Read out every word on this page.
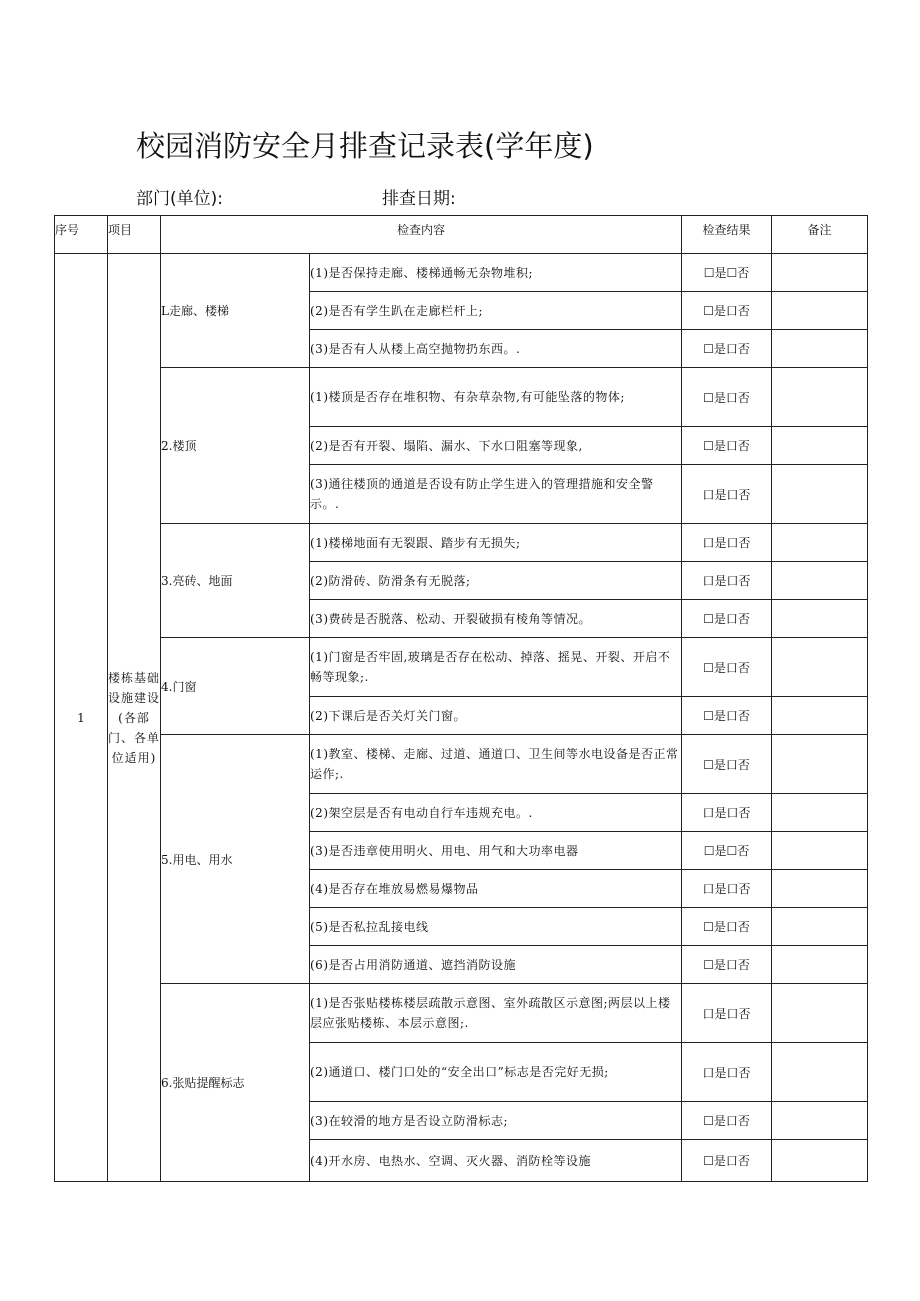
校园消防安全月排查记录表(学年度)
部门(单位):	排查日期:
序号	项目	检查内容		检查结果	备注
1	楼栋基础设施建设(各部门、各单位适用)	L走廊、楼梯	(1)是否保持走廊、楼梯通畅无杂物堆积;	☐是☐否	
			(2)是否有学生趴在走廊栏杆上;	☐是口否	
			(3)是否有人从楼上高空抛物扔东西。.	☐是口否	
		2.楼顶	(1)楼顶是否存在堆积物、有杂草杂物,有可能坠落的物体;	☐是口否	
			(2)是否有开裂、塌陷、漏水、下水口阻塞等现象,	☐是口否	
			(3)通往楼顶的通道是否设有防止学生进入的管理措施和安全警示。.	口是口否	
		3.亮砖、地面	(1)楼梯地面有无裂跟、踏步有无损失;	口是口否	
			(2)防滑砖、防滑条有无脱落;	口是口否	
			(3)费砖是否脱落、松动、开裂破损有棱角等情况。	☐是口否	
		4.门窗	(1)门窗是否牢固,玻璃是否存在松动、掉落、摇晃、开裂、开启不畅等现象;.	☐是口否	
			(2)下课后是否关灯关门窗。	☐是口否	
		5.用电、用水	(1)教室、楼梯、走廊、过道、通道口、卫生间等水电设备是否正常运作;.	☐是口否	
			(2)架空层是否有电动自行车违规充电。.	口是口否	
			(3)是否违章使用明火、用电、用气和大功率电器	☐是☐否	
			(4)是否存在堆放易燃易爆物品	口是口否	
			(5)是否私拉乱接电线	☐是口否	
			(6)是否占用消防通道、遮挡消防设施	☐是口否	
		6.张贴提醒标志	(1)是否张贴楼栋楼层疏散示意图、室外疏散区示意图;两层以上楼层应张贴楼栋、本层示意图;.	口是口否	
			(2)通道口、楼门口处的“安全出口”标志是否完好无损;	口是口否	
			(3)在较滑的地方是否设立防滑标志;	☐是口否	
			(4)开水房、电热水、空调、灭火器、消防栓等设施	☐是口否	
